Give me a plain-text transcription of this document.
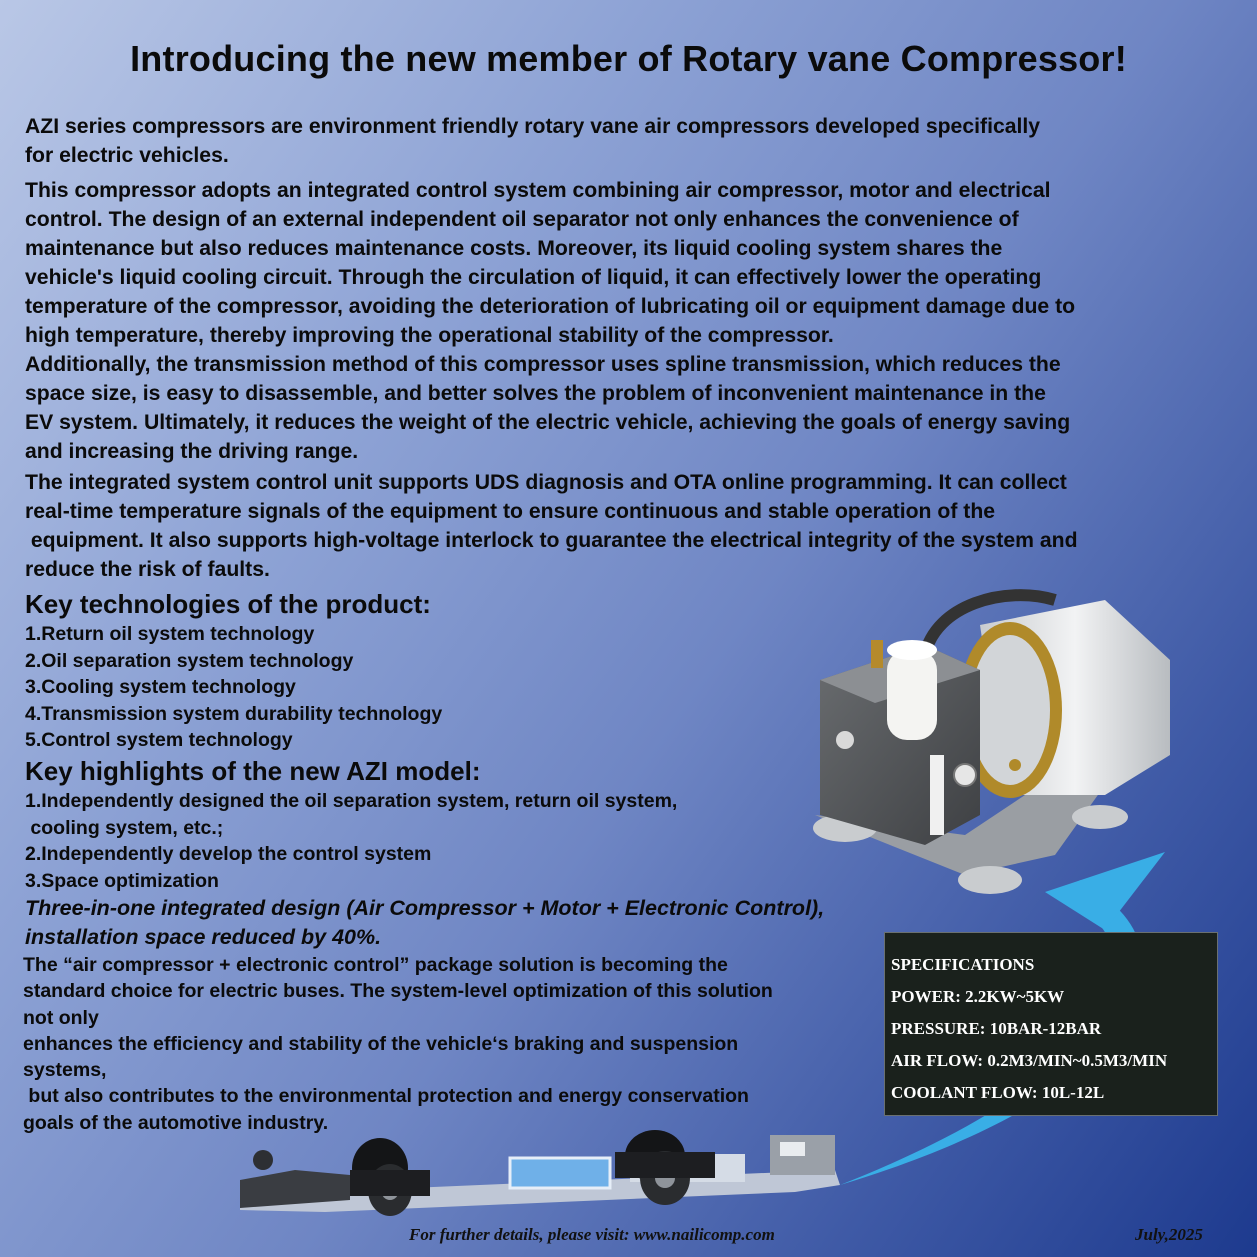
Introducing the new member of Rotary vane Compressor!

AZI series compressors are environment friendly rotary vane air compressors developed specifically
for electric vehicles.

This compressor adopts an integrated control system combining air compressor, motor and electrical
control. The design of an external independent oil separator not only enhances the convenience of
maintenance but also reduces maintenance costs. Moreover, its liquid cooling system shares the
vehicle's liquid cooling circuit. Through the circulation of liquid, it can effectively lower the operating
temperature of the compressor, avoiding the deterioration of lubricating oil or equipment damage due to
high temperature, thereby improving the operational stability of the compressor.
Additionally, the transmission method of this compressor uses spline transmission, which reduces the
space size, is easy to disassemble, and better solves the problem of inconvenient maintenance in the
EV system. Ultimately, it reduces the weight of the electric vehicle, achieving the goals of energy saving
and increasing the driving range.

The integrated system control unit supports UDS diagnosis and OTA online programming. It can collect
real-time temperature signals of the equipment to ensure continuous and stable operation of the
equipment. It also supports high-voltage interlock to guarantee the electrical integrity of the system and
reduce the risk of faults.

Key technologies of the product:
1.Return oil system technology
2.Oil separation system technology
3.Cooling system technology
4.Transmission system durability technology
5.Control system technology
Key highlights of the new AZI model:
1.Independently designed the oil separation system, return oil system,
cooling system, etc.;
2.Independently develop the control system
3.Space optimization
Three-in-one integrated design (Air Compressor + Motor + Electronic Control),
installation space reduced by 40%.
The “air compressor + electronic control” package solution is becoming the
standard choice for electric buses. The system-level optimization of this solution
not only
enhances the efficiency and stability of the vehicle‘s braking and suspension
systems,
but also contributes to the environmental protection and energy conservation
goals of the automotive industry.
SPECIFICATIONS
POWER: 2.2KW~5KW
PRESSURE: 10BAR-12BAR
AIR FLOW: 0.2M3/MIN~0.5M3/MIN
COOLANT FLOW: 10L-12L
For further details, please visit: www.nailicomp.com	July,2025
